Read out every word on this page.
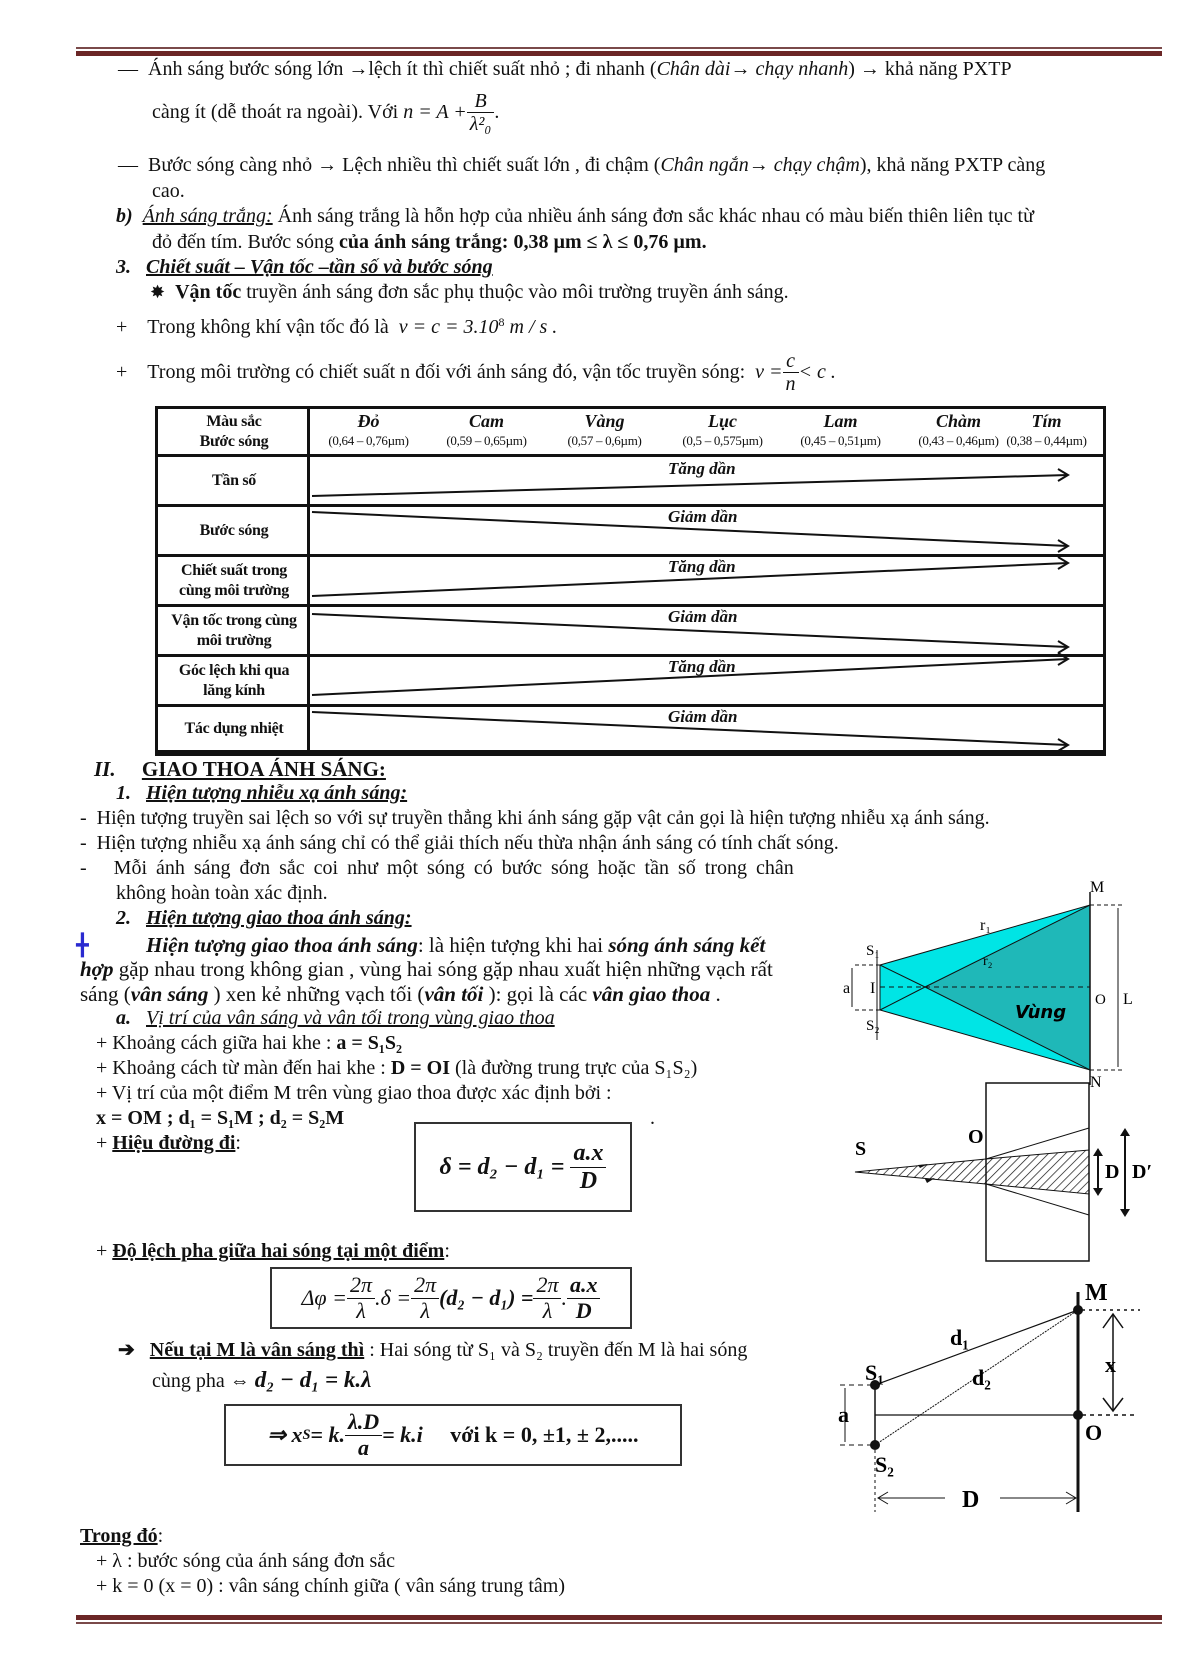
—  Ánh sáng bước sóng lớn →lệch ít thì chiết suất nhỏ ; đi nhanh (Chân dài→ chạy nhanh) → khả năng PXTP
càng ít (dễ thoát ra ngoài). Với
$n = A + \frac{B}{\text{λ²₀}}$ .
—  Bước sóng càng nhỏ → Lệch nhiều thì chiết suất lớn , đi chậm (Chân ngắn→ chạy chậm), khả năng PXTP càng
cao.
b) Ánh sáng trắng: Ánh sáng trắng là hỗn hợp của nhiều ánh sáng đơn sắc khác nhau có màu biến thiên liên tục từ
đỏ đến tím. Bước sóng của ánh sáng trắng: 0,38 µm ≤ λ ≤ 0,76 µm.
3. Chiết suất – Vận tốc –tần số và bước sóng
✸ Vận tốc truyền ánh sáng đơn sắc phụ thuộc vào môi trường truyền ánh sáng.
+    Trong không khí vận tốc đó là $v = c = 3.10^8$ m / s .
+ Trong môi trường có chiết suất n đối với ánh sáng đó, vận tốc truyền sóng:
$v = \frac{c}{n} < c$ .
Màu sắc
Bước sóng
Đỏ
(0,64 – 0,76µm)
Cam
(0,59 – 0,65µm)
Vàng
(0,57 – 0,6µm)
Lục
(0,5 – 0,575µm)
Lam
(0,45 – 0,51µm)
Chàm
(0,43 – 0,46µm)
Tím
(0,38 – 0,44µm)
Tần số
Tăng dần
Bước sóng
Giảm dần
Chiết suất trong cùng môi trường
Tăng dần
Vận tốc trong cùng môi trường
Giảm dần
Góc lệch khi qua lăng kính
Tăng dần
Tác dụng nhiệt
Giảm dần
II. GIAO THOA ÁNH SÁNG:
1. Hiện tượng nhiễu xạ ánh sáng:
-  Hiện tượng truyền sai lệch so với sự truyền thẳng khi ánh sáng gặp vật cản gọi là hiện tượng nhiễu xạ ánh sáng.
-  Hiện tượng nhiễu xạ ánh sáng chỉ có thể giải thích nếu thừa nhận ánh sáng có tính chất sóng.
-   Mỗi ánh sáng đơn sắc coi như một sóng có bước sóng hoặc tần số trong chân
không hoàn toàn xác định.
2. Hiện tượng giao thoa ánh sáng:
╋	Hiện tượng giao thoa ánh sáng: là hiện tượng khi hai sóng ánh sáng kết
hợp gặp nhau trong không gian , vùng hai sóng gặp nhau xuất hiện những vạch rất
sáng (vân sáng ) xen kẻ những vạch tối (vân tối ): gọi là các vân giao thoa .
a. Vị trí của vân sáng và vân tối trong vùng giao thoa
+ Khoảng cách giữa hai khe : a = S₁S₂
+ Khoảng cách từ màn đến hai khe : D = OI (là đường trung trực của S₁S₂)
+ Vị trí của một điểm M trên vùng giao thoa được xác định bởi :
x = OM ; d₁ = S₁M ; d₂ = S₂M	.
+ Hiệu đường đi:
δ = d₂ − d₁ =
$\frac{a.x}{D}$
+ Độ lệch pha giữa hai sóng tại một điểm:
$\Delta\varphi = \frac{2\pi}{\lambda} .\delta = \frac{2\pi}{\lambda} (d_2 - d_1) = \frac{2\pi}{\lambda}$ . $\frac{a.x}{D}$
➔ Nếu tại M là vân sáng thì : Hai sóng từ S₁ và S₂ truyền đến M là hai sóng
cùng pha ⇔ d₂ − d₁ = k.λ
⇒ x S = k. $\frac{\lambda.D}{a} = k.i$
với k = 0, ±1, ± 2,.....
Trong đó:
+ λ : bước sóng của ánh sáng đơn sắc
+ k = 0 (x = 0) : vân sáng chính giữa ( vân sáng trung tâm)
M
N
S₁
S₂
I
a
O L
r₁
r₂
Vùng
S
O
D D′
M
O
S₁
S₂
d₁
d₂
x
a
D
